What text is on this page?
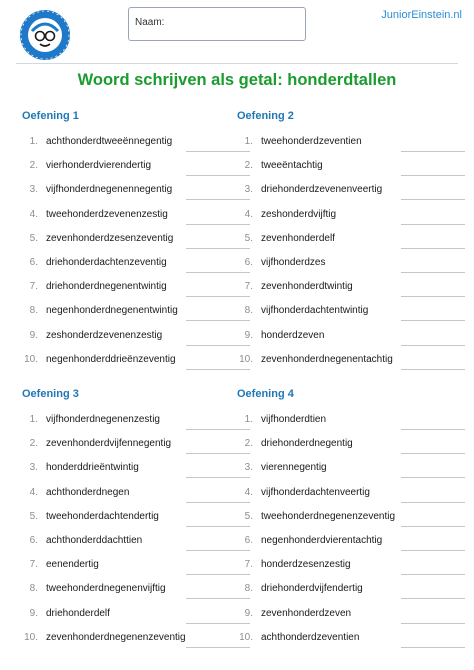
Naam:
JuniorEinstein.nl
Woord schrijven als getal: honderdtallen
Oefening 1
1. achthonderdtweeënnegentig
2. vierhonderdvierendertig
3. vijfhonderdnegenennegentig
4. tweehonderdzevenenzestig
5. zevenhonderdzesenzeventig
6. driehonderdachtenzeventig
7. driehonderdnegenentwintig
8. negenhonderdnegenentwintig
9. zeshonderdzevenenzestig
10. negenhonderddrieënzeventig
Oefening 2
1. tweehonderdzeventien
2. tweeëntachtig
3. driehonderdzevenenveertig
4. zeshonderdvijftig
5. zevenhonderdelf
6. vijfhonderdzes
7. zevenhonderdtwintig
8. vijfhonderdachtentwintig
9. honderdzeven
10. zevenhonderdnegenentachtig
Oefening 3
1. vijfhonderdnegenenzestig
2. zevenhonderdvijfennegentig
3. honderddrieëntwintig
4. achthonderdnegen
5. tweehonderdachtendertig
6. achthonderddachttien
7. eenendertig
8. tweehonderdnegenenvijftig
9. driehonderdelf
10. zevenhonderdnegenenzeventig
Oefening 4
1. vijfhonderdtien
2. driehonderdnegentig
3. vierennegentig
4. vijfhonderdachtenveertig
5. tweehonderdnegenenzeventig
6. negenhonderdvierentachtig
7. honderdzesenzestig
8. driehonderdvijfendertig
9. zevenhonderdzeven
10. achthonderdzeventien
